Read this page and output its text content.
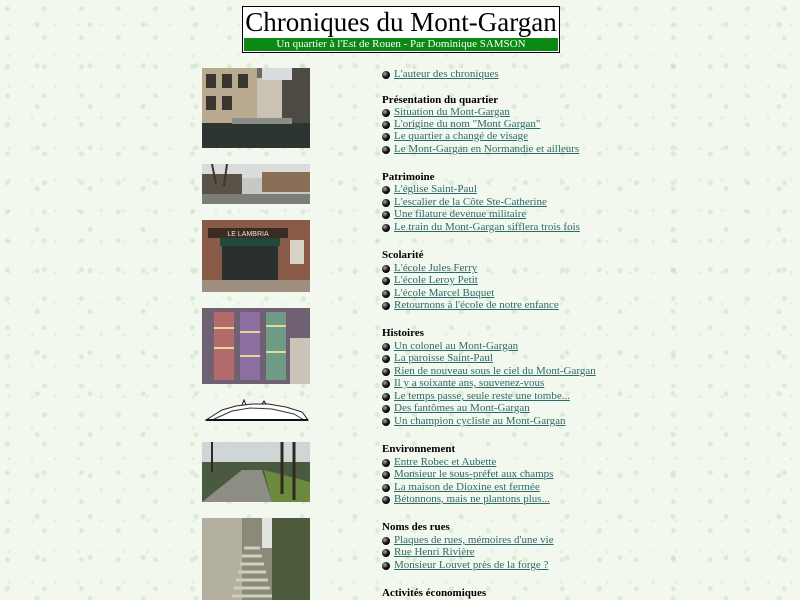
Chroniques du Mont-Gargan
Un quartier à l'Est de Rouen - Par Dominique SAMSON
LE LAMBRIA
L'auteur des chroniques
Présentation du quartier
Situation du Mont-Gargan
L'origine du nom "Mont Gargan"
Le quartier a changé de visage
Le Mont-Gargan en Normandie et ailleurs
Patrimoine
L'église Saint-Paul
L'escalier de la Côte Ste-Catherine
Une filature devenue militaire
Le train du Mont-Gargan sifflera trois fois
Scolarité
L'école Jules Ferry
L'école Leroy Petit
L'école Marcel Buquet
Retournons à l'école de notre enfance
Histoires
Un colonel au Mont-Gargan
La paroisse Saint-Paul
Rien de nouveau sous le ciel du Mont-Gargan
Il y a soixante ans, souvenez-vous
Le temps passe, seule reste une tombe...
Des fantômes au Mont-Gargan
Un champion cycliste au Mont-Gargan
Environnement
Entre Robec et Aubette
Monsieur le sous-préfet aux champs
La maison de Dioxine est fermée
Bétonnons, mais ne plantons plus...
Noms des rues
Plaques de rues, mémoires d'une vie
Rue Henri Rivière
Monsieur Louvet près de la forge ?
Activités économiques
